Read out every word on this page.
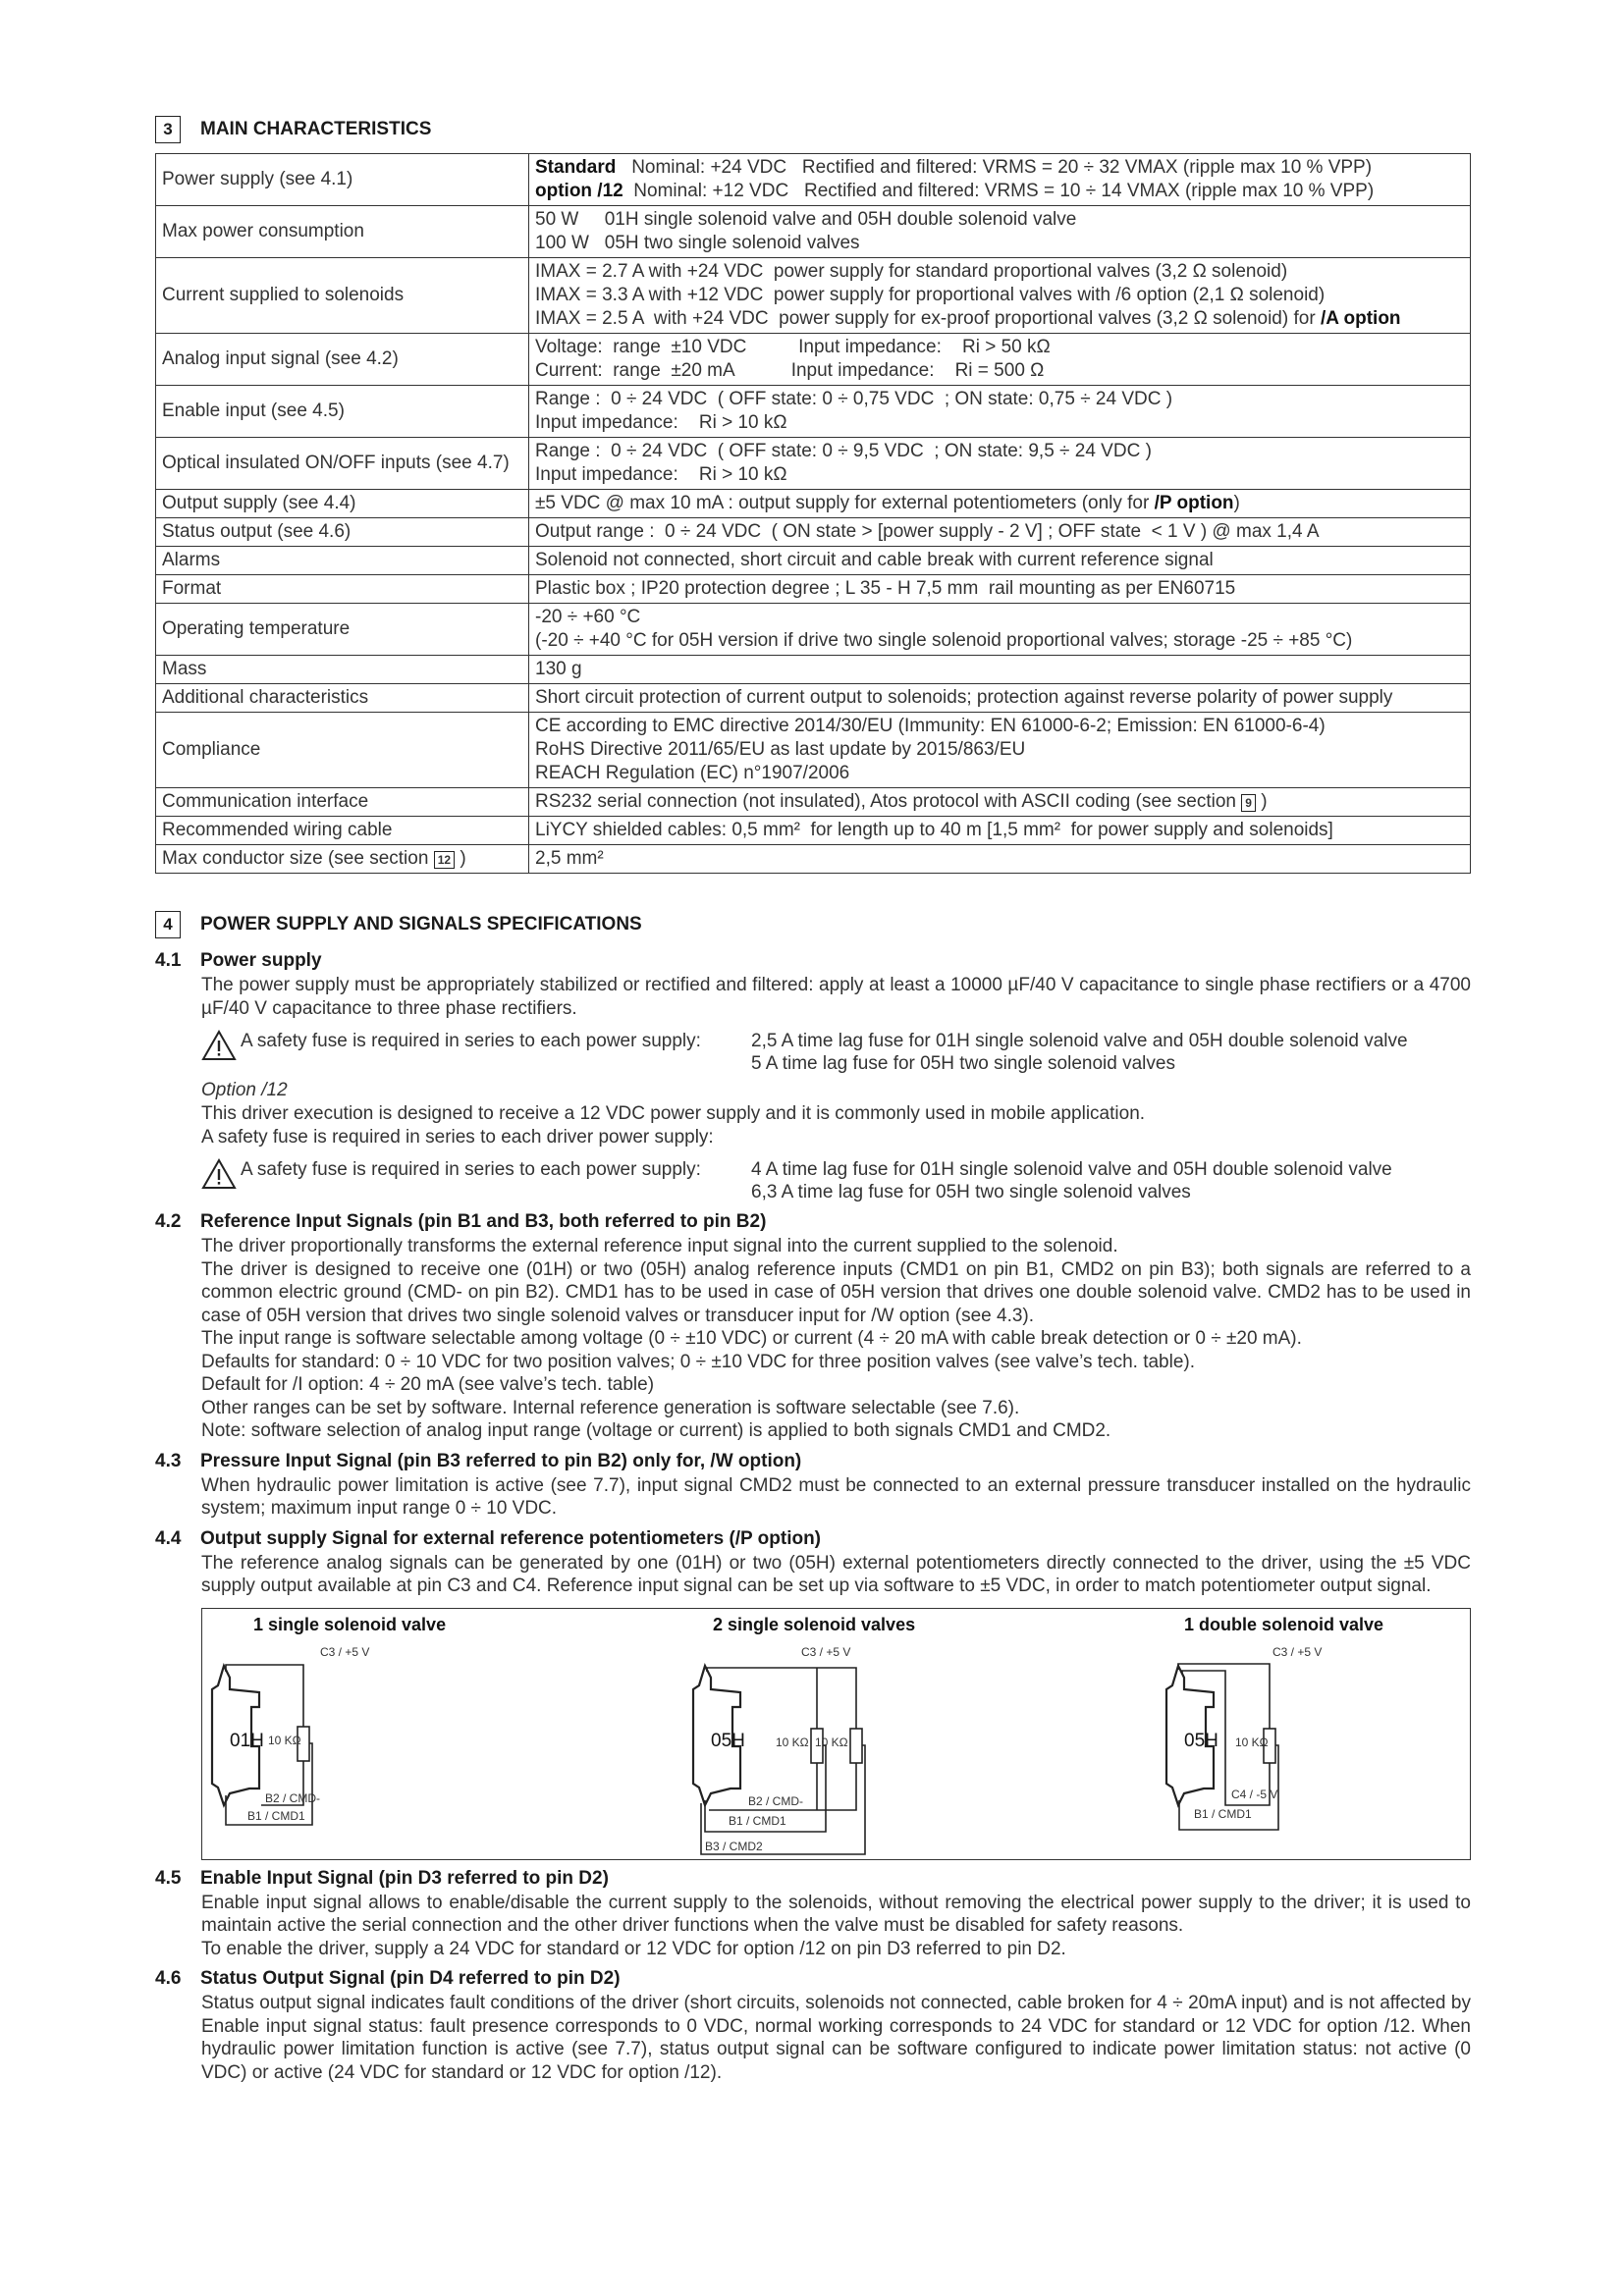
3	MAIN CHARACTERISTICS
Power supply (see 4.1)	Standard   Nominal: +24 VDC   Rectified and filtered: VRMS = 20 ÷ 32 VMAX (ripple max 10 % VPP)
option /12  Nominal: +12 VDC   Rectified and filtered: VRMS = 10 ÷ 14 VMAX (ripple max 10 % VPP)

Max power consumption	50 W     01H single solenoid valve and 05H double solenoid valve
100 W   05H two single solenoid valves

Current supplied to solenoids	IMAX = 2.7 A with +24 VDC  power supply for standard proportional valves (3,2 Ω solenoid)
IMAX = 3.3 A with +12 VDC  power supply for proportional valves with /6 option (2,1 Ω solenoid)
IMAX = 2.5 A  with +24 VDC  power supply for ex-proof proportional valves (3,2 Ω solenoid) for /A option

Analog input signal (see 4.2)	Voltage:  range  ±10 VDC          Input impedance:    Ri > 50 kΩ
Current:  range  ±20 mA           Input impedance:    Ri = 500 Ω

Enable input (see 4.5)	Range :  0 ÷ 24 VDC  ( OFF state: 0 ÷ 0,75 VDC  ; ON state: 0,75 ÷ 24 VDC )
Input impedance:    Ri > 10 kΩ

Optical insulated ON/OFF inputs (see 4.7)	Range :  0 ÷ 24 VDC  ( OFF state: 0 ÷ 9,5 VDC  ; ON state: 9,5 ÷ 24 VDC )
Input impedance:    Ri > 10 kΩ

Output supply (see 4.4)	±5 VDC @ max 10 mA : output supply for external potentiometers (only for /P option)

Status output (see 4.6)	Output range :  0 ÷ 24 VDC  ( ON state > [power supply - 2 V] ; OFF state  < 1 V ) @ max 1,4 A

Alarms	Solenoid not connected, short circuit and cable break with current reference signal

Format	Plastic box ; IP20 protection degree ; L 35 - H 7,5 mm  rail mounting as per EN60715

Operating temperature	-20 ÷ +60 °C
(-20 ÷ +40 °C for 05H version if drive two single solenoid proportional valves; storage -25 ÷ +85 °C)

Mass	130 g

Additional characteristics	Short circuit protection of current output to solenoids; protection against reverse polarity of power supply

Compliance	CE according to EMC directive 2014/30/EU (Immunity: EN 61000-6-2; Emission: EN 61000-6-4)
RoHS Directive 2011/65/EU as last update by 2015/863/EU
REACH Regulation (EC) n°1907/2006

Communication interface	RS232 serial connection (not insulated), Atos protocol with ASCII coding (see section 9 )

Recommended wiring cable	LiYCY shielded cables: 0,5 mm²  for length up to 40 m [1,5 mm²  for power supply and solenoids]

Max conductor size (see section 12 )	2,5 mm²
4	POWER SUPPLY AND SIGNALS SPECIFICATIONS
4.1 Power supply
The power supply must be appropriately stabilized or rectified and filtered: apply at least a 10000 µF/40 V capacitance to single phase rectifiers or a 4700 µF/40 V capacitance to three phase rectifiers.
A safety fuse is required in series to each power supply:	2,5 A time lag fuse for 01H single solenoid valve and 05H double solenoid valve
5 A time lag fuse for 05H two single solenoid valves
Option /12
This driver execution is designed to receive a 12 VDC power supply and it is commonly used in mobile application.
A safety fuse is required in series to each driver power supply:
A safety fuse is required in series to each power supply:	4 A time lag fuse for 01H single solenoid valve and 05H double solenoid valve
6,3 A time lag fuse for 05H two single solenoid valves
4.2 Reference Input Signals (pin B1 and B3, both referred to pin B2)
The driver proportionally transforms the external reference input signal into the current supplied to the solenoid.
The driver is designed to receive one (01H) or two (05H) analog reference inputs (CMD1 on pin B1, CMD2 on pin B3); both signals are referred to a common electric ground (CMD- on pin B2). CMD1 has to be used in case of 05H version that drives one double solenoid valve. CMD2 has to be used in case of 05H version that drives two single solenoid valves or transducer input for /W option (see 4.3).
The input range is software selectable among voltage (0 ÷ ±10 VDC) or current (4 ÷ 20 mA with cable break detection or 0 ÷ ±20 mA).
Defaults for standard: 0 ÷ 10 VDC for two position valves; 0 ÷ ±10 VDC for three position valves (see valve’s tech. table).
Default for /I option: 4 ÷ 20 mA (see valve’s tech. table)
Other ranges can be set by software. Internal reference generation is software selectable (see 7.6).
Note: software selection of analog input range (voltage or current) is applied to both signals CMD1 and CMD2.
4.3 Pressure Input Signal (pin B3 referred to pin B2) only for, /W option)
When hydraulic power limitation is active (see 7.7), input signal CMD2 must be connected to an external pressure transducer installed on the hydraulic system; maximum input range 0 ÷ 10 VDC.
4.4 Output supply Signal for external reference potentiometers (/P option)
The reference analog signals can be generated by one (01H) or two (05H) external potentiometers directly connected to the driver, using the ±5 VDC supply output available at pin C3 and C4. Reference input signal can be set up via software to ±5 VDC, in order to match potentiometer output signal.
1 single solenoid valve
C3 / +5 V
01H 10 KΩ
B2 / CMD-
B1 / CMD1
2 single solenoid valves
C3 / +5 V
05H	10 KΩ 10 KΩ
B2 / CMD-
B1 / CMD1
B3 / CMD2
1 double solenoid valve
C3 / +5 V
05H 10 KΩ
C4 / -5 V
B1 / CMD1
4.5 Enable Input Signal (pin D3 referred to pin D2)
Enable input signal allows to enable/disable the current supply to the solenoids, without removing the electrical power supply to the driver; it is used to maintain active the serial connection and the other driver functions when the valve must be disabled for safety reasons.
To enable the driver, supply a 24 VDC for standard or 12 VDC for option /12 on pin D3 referred to pin D2.
4.6 Status Output Signal (pin D4 referred to pin D2)
Status output signal indicates fault conditions of the driver (short circuits, solenoids not connected, cable broken for 4 ÷ 20mA input) and is not affected by Enable input signal status: fault presence corresponds to 0 VDC, normal working corresponds to 24 VDC for standard or 12 VDC for option /12. When hydraulic power limitation function is active (see 7.7), status output signal can be software configured to indicate power limitation status: not active (0 VDC) or active (24 VDC for standard or 12 VDC for option /12).
